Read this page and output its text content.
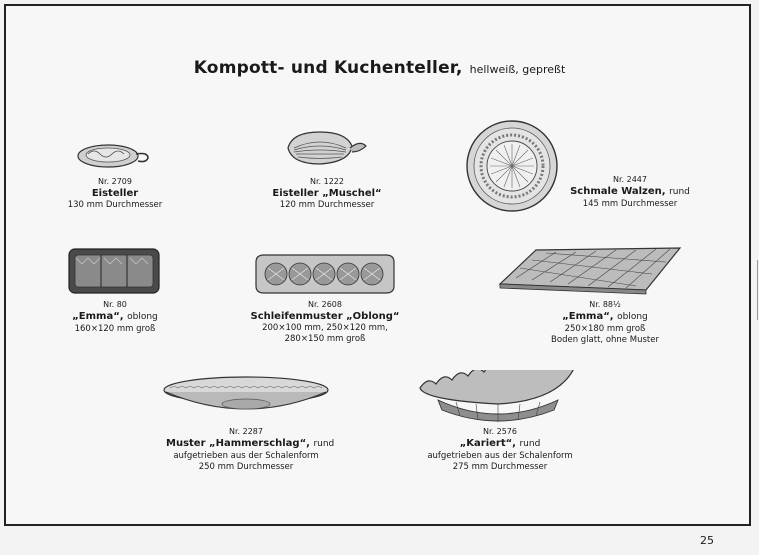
Kompott- und Kuchenteller, hellweiß, gepreßt
Nr. 2709
Eisteller
130 mm Durchmesser
Nr. 1222
Eisteller „Muschel“
120 mm Durchmesser
Nr. 2447
Schmale Walzen, rund
145 mm Durchmesser
Nr. 80
„Emma“, oblong
160×120 mm groß
Nr. 2608
Schleifenmuster „Oblong“
200×100 mm, 250×120 mm,
280×150 mm groß
Nr. 88½
„Emma“, oblong
250×180 mm groß
Boden glatt, ohne Muster
Nr. 2287
Muster „Hammerschlag“, rund
aufgetrieben aus der Schalenform
250 mm Durchmesser
Nr. 2576
„Kariert“, rund
aufgetrieben aus der Schalenform
275 mm Durchmesser
25
